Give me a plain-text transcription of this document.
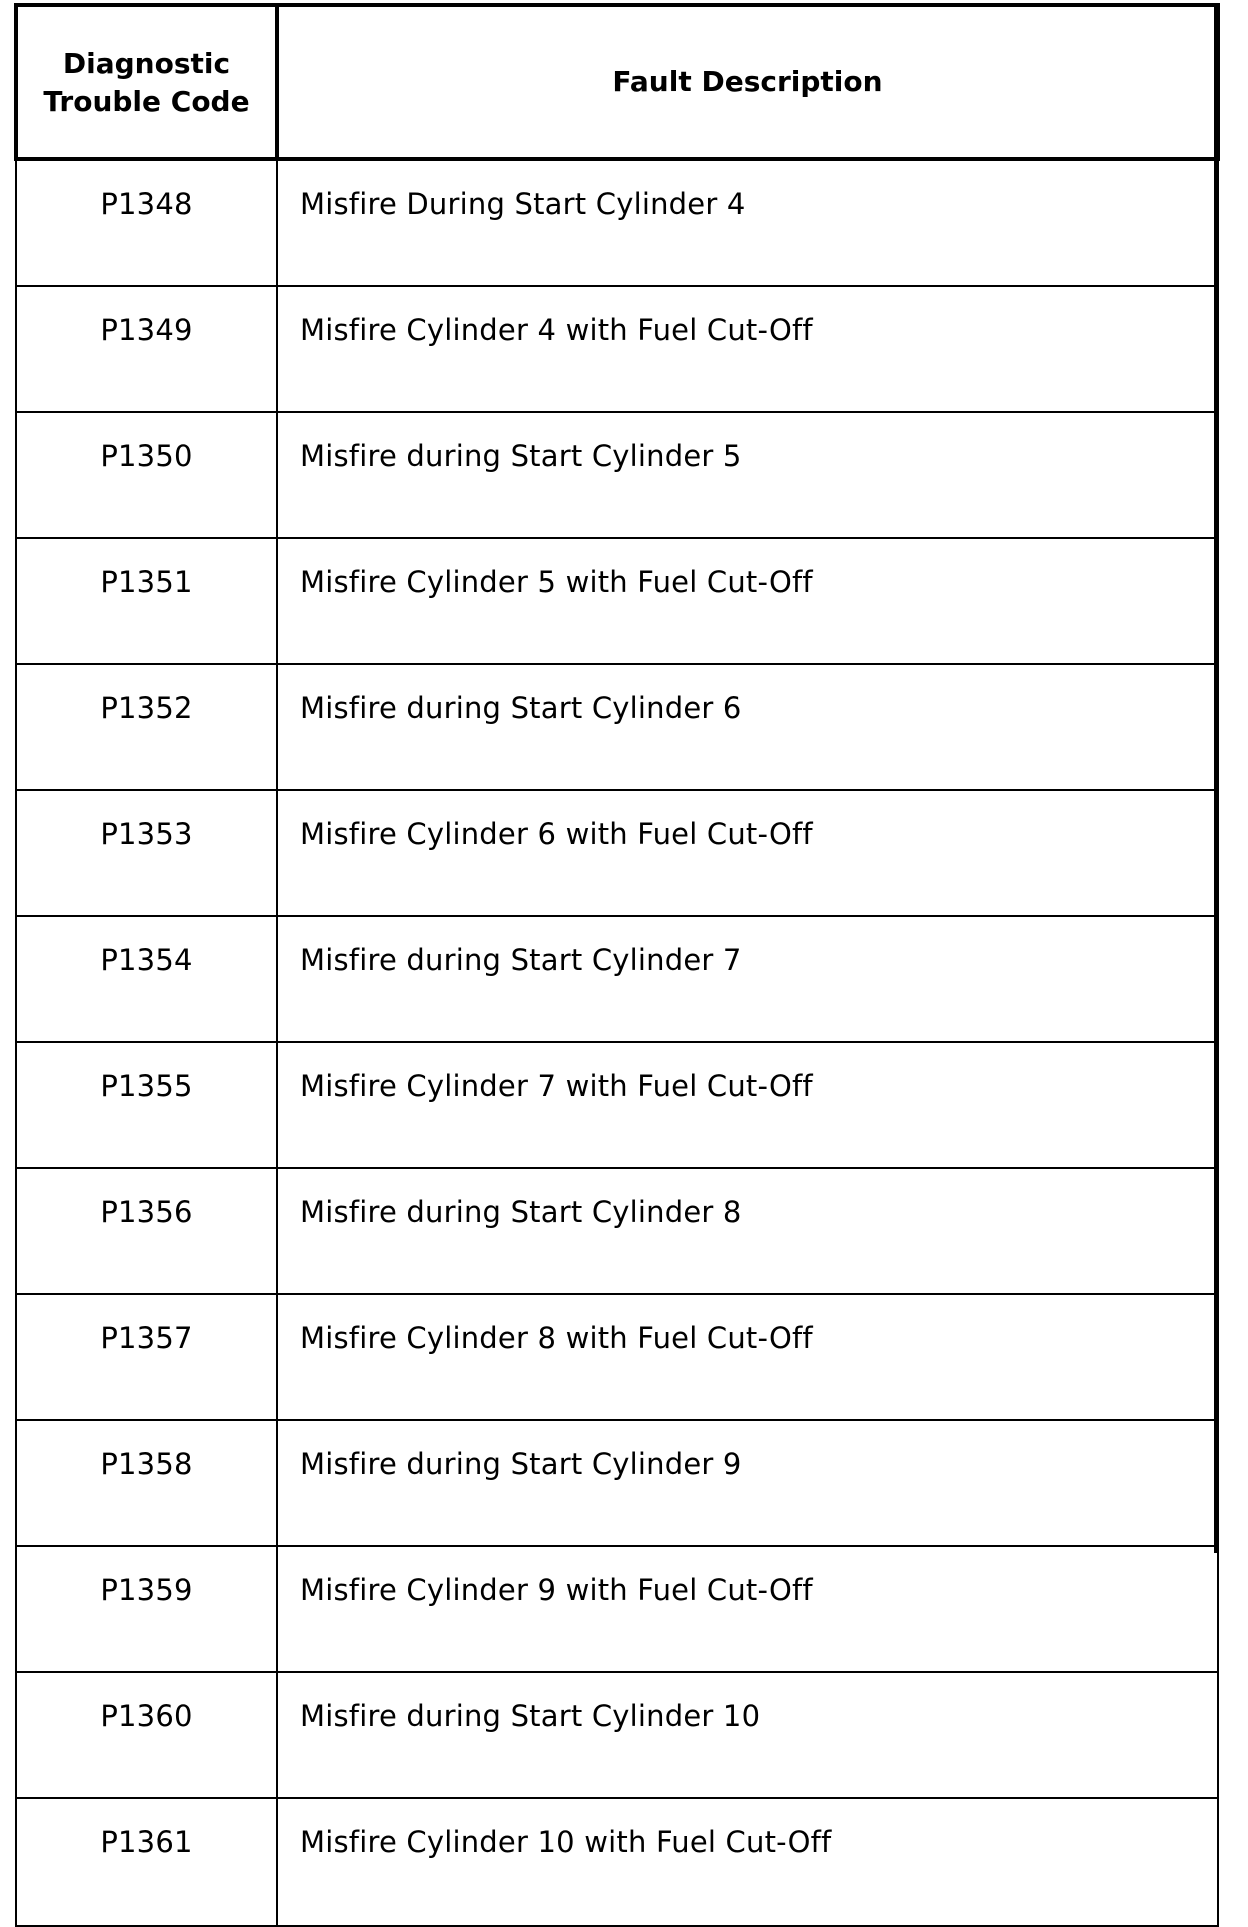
Diagnostic
Trouble Code	Fault Description
P1348	Misfire During Start Cylinder 4
P1349	Misfire Cylinder 4 with Fuel Cut-Off
P1350	Misfire during Start Cylinder 5
P1351	Misfire Cylinder 5 with Fuel Cut-Off
P1352	Misfire during Start Cylinder 6
P1353	Misfire Cylinder 6 with Fuel Cut-Off
P1354	Misfire during Start Cylinder 7
P1355	Misfire Cylinder 7 with Fuel Cut-Off
P1356	Misfire during Start Cylinder 8
P1357	Misfire Cylinder 8 with Fuel Cut-Off
P1358	Misfire during Start Cylinder 9
P1359	Misfire Cylinder 9 with Fuel Cut-Off
P1360	Misfire during Start Cylinder 10
P1361	Misfire Cylinder 10 with Fuel Cut-Off
